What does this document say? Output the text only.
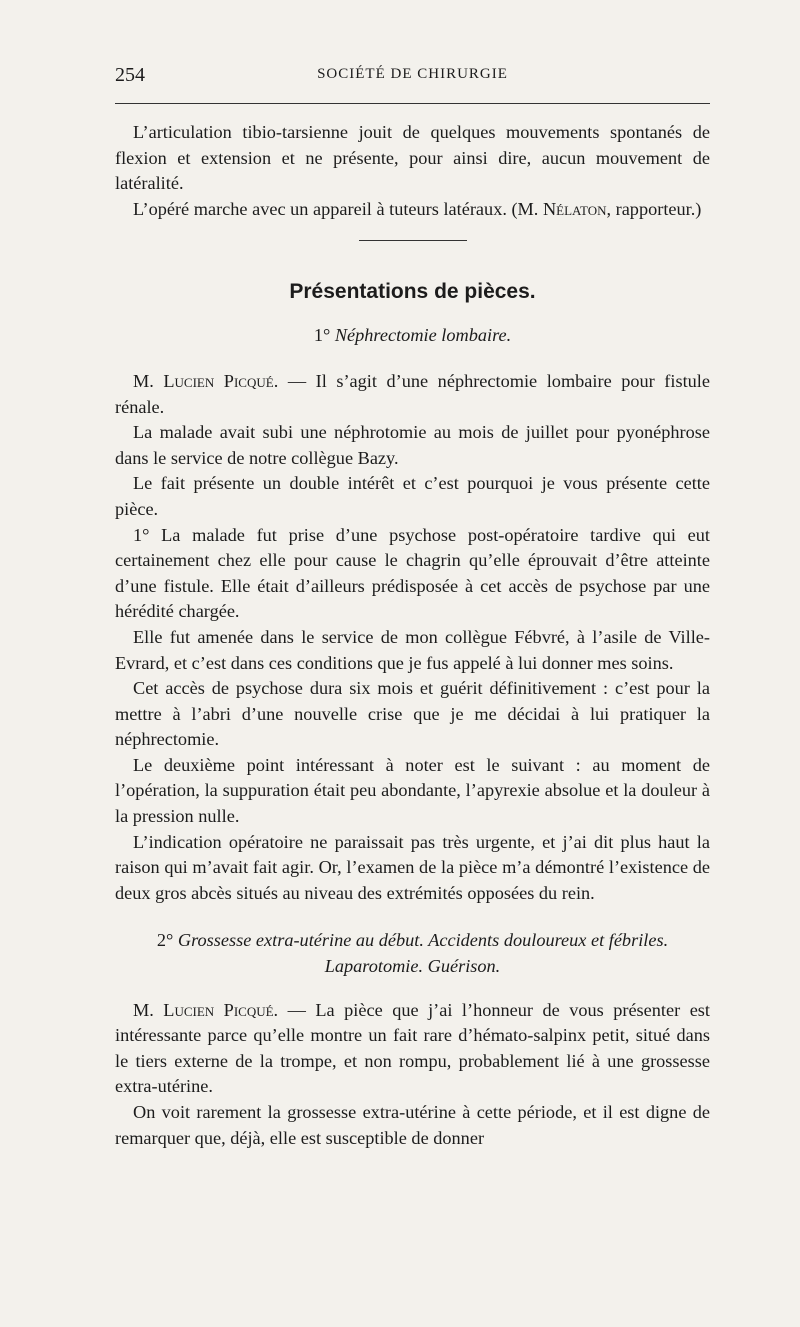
254	SOCIÉTÉ DE CHIRURGIE

L’articulation tibio-tarsienne jouit de quelques mouvements spontanés de flexion et extension et ne présente, pour ainsi dire, aucun mouvement de latéralité.

L’opéré marche avec un appareil à tuteurs latéraux. (M. Nélaton, rapporteur.)

Présentations de pièces.
1° Néphrectomie lombaire.

M. Lucien Picqué. — Il s’agit d’une néphrectomie lombaire pour fistule rénale.

La malade avait subi une néphrotomie au mois de juillet pour pyonéphrose dans le service de notre collègue Bazy.

Le fait présente un double intérêt et c’est pourquoi je vous présente cette pièce.

1° La malade fut prise d’une psychose post-opératoire tardive qui eut certainement chez elle pour cause le chagrin qu’elle éprouvait d’être atteinte d’une fistule. Elle était d’ailleurs prédisposée à cet accès de psychose par une hérédité chargée.

Elle fut amenée dans le service de mon collègue Fébvré, à l’asile de Ville-Evrard, et c’est dans ces conditions que je fus appelé à lui donner mes soins.

Cet accès de psychose dura six mois et guérit définitivement : c’est pour la mettre à l’abri d’une nouvelle crise que je me décidai à lui pratiquer la néphrectomie.

Le deuxième point intéressant à noter est le suivant : au moment de l’opération, la suppuration était peu abondante, l’apyrexie absolue et la douleur à la pression nulle.

L’indication opératoire ne paraissait pas très urgente, et j’ai dit plus haut la raison qui m’avait fait agir. Or, l’examen de la pièce m’a démontré l’existence de deux gros abcès situés au niveau des extrémités opposées du rein.

2° Grossesse extra-utérine au début. Accidents douloureux et fébriles.
Laparotomie. Guérison.

M. Lucien Picqué. — La pièce que j’ai l’honneur de vous présenter est intéressante parce qu’elle montre un fait rare d’hémato-salpinx petit, situé dans le tiers externe de la trompe, et non rompu, probablement lié à une grossesse extra-utérine.

On voit rarement la grossesse extra-utérine à cette période, et il est digne de remarquer que, déjà, elle est susceptible de donner
